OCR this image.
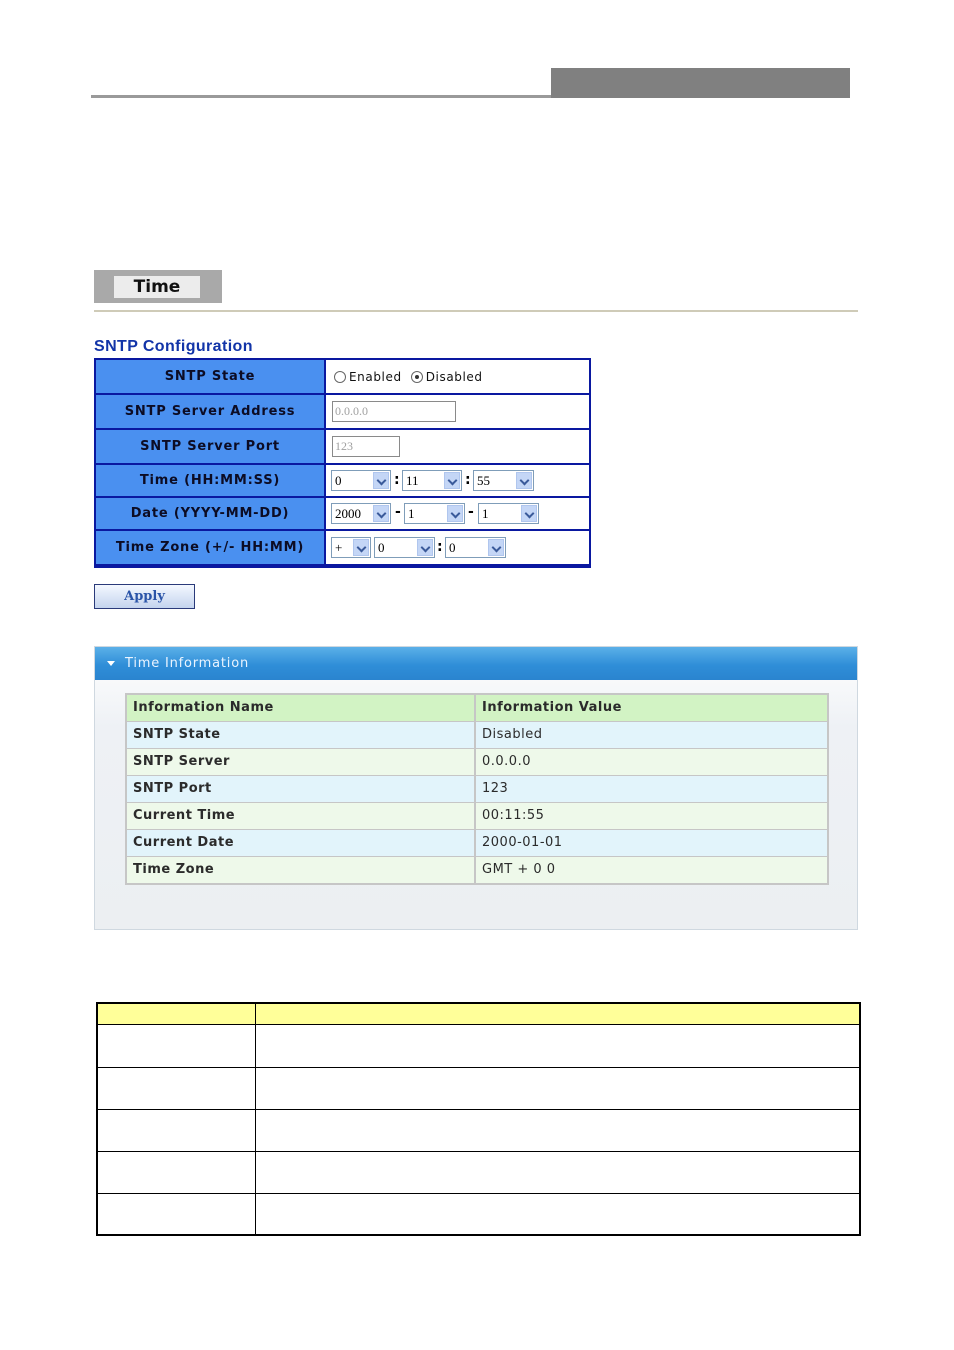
Time
SNTP Configuration
SNTP State	Enabled Disabled
SNTP Server Address	0.0.0.0
SNTP Server Port	123
Time (HH:MM:SS)	0	: 11	: 55
Date (YYYY-MM-DD)	2000	- 1	- 1
Time Zone (+/- HH:MM)	+	0	: 0
Apply
Time Information
Information Name	Information Value
SNTP State	Disabled
SNTP Server	0.0.0.0
SNTP Port	123
Current Time	00:11:55
Current Date	2000-01-01
Time Zone	GMT + 0 0
